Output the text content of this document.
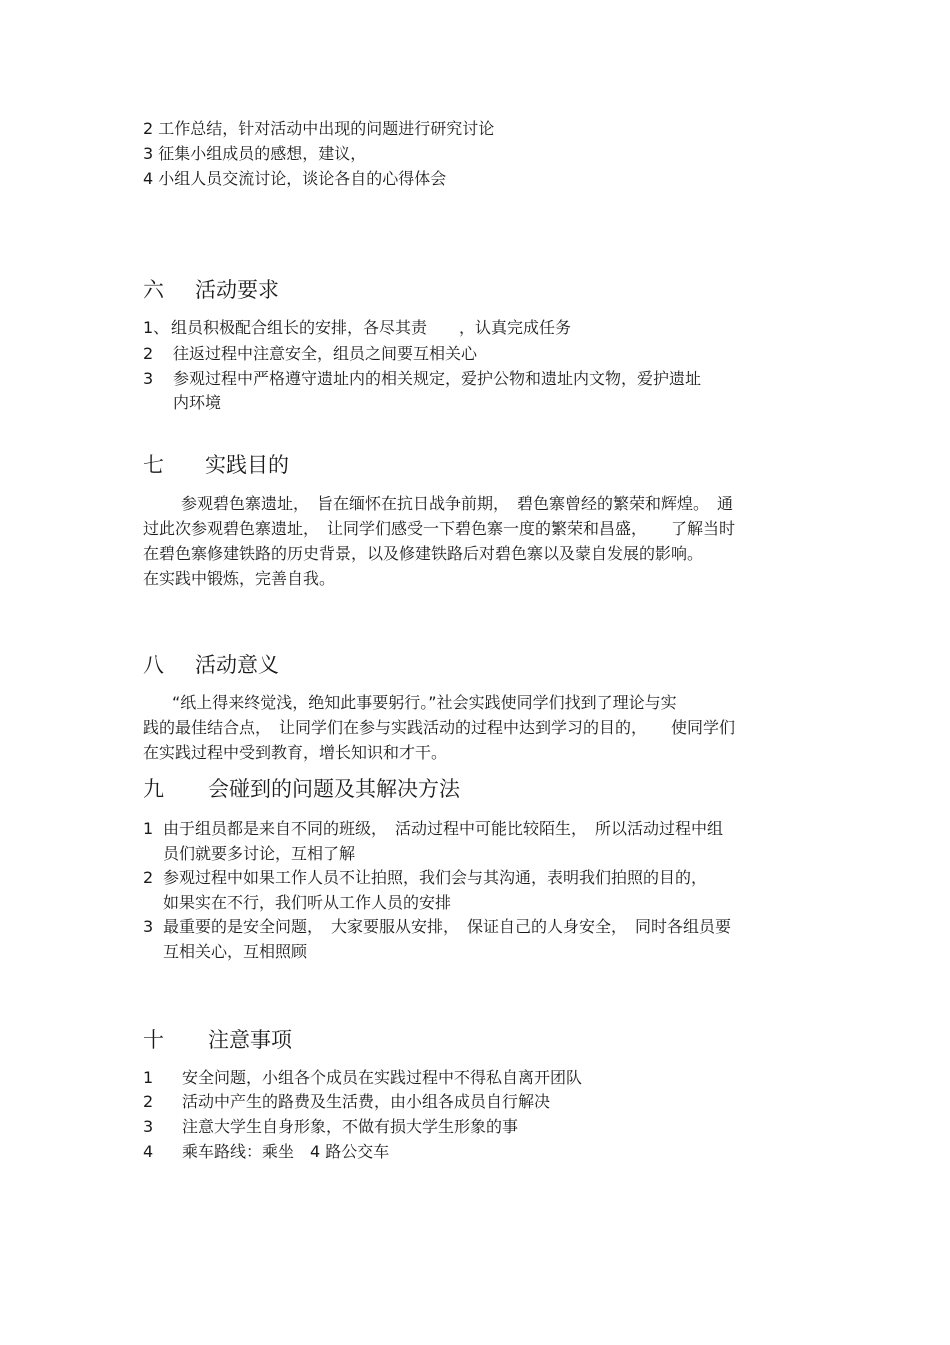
2 工作总结，针对活动中出现的问题进行研究讨论
3 征集小组成员的感想，建议，
4 小组人员交流讨论，谈论各自的心得体会
六 活动要求
1、 组员积极配合组长的安排，各尽其责　　，认真完成任务
2 往返过程中注意安全，组员之间要互相关心
3 参观过程中严格遵守遗址内的相关规定，爱护公物和遗址内文物，爱护遗址
内环境
七 实践目的
参观碧色寨遗址，　旨在缅怀在抗日战争前期，　碧色寨曾经的繁荣和辉煌。　通
过此次参观碧色寨遗址，　让同学们感受一下碧色寨一度的繁荣和昌盛，　　了解当时
在碧色寨修建铁路的历史背景，以及修建铁路后对碧色寨以及蒙自发展的影响。
在实践中锻炼，完善自我。
八 活动意义
“纸上得来终觉浅，绝知此事要躬行。”社会实践使同学们找到了理论与实
践的最佳结合点，　让同学们在参与实践活动的过程中达到学习的目的，　　使同学们
在实践过程中受到教育，增长知识和才干。
九 会碰到的问题及其解决方法
1 由于组员都是来自不同的班级，　活动过程中可能比较陌生，　所以活动过程中组
员们就要多讨论，互相了解
2 参观过程中如果工作人员不让拍照，我们会与其沟通，表明我们拍照的目的，
如果实在不行，我们听从工作人员的安排
3 最重要的是安全问题，　大家要服从安排，　保证自己的人身安全，　同时各组员要
互相关心，互相照顾
十 注意事项
1 安全问题，小组各个成员在实践过程中不得私自离开团队
2 活动中产生的路费及生活费，由小组各成员自行解决
3 注意大学生自身形象，不做有损大学生形象的事
4 乘车路线：乘坐　4 路公交车
